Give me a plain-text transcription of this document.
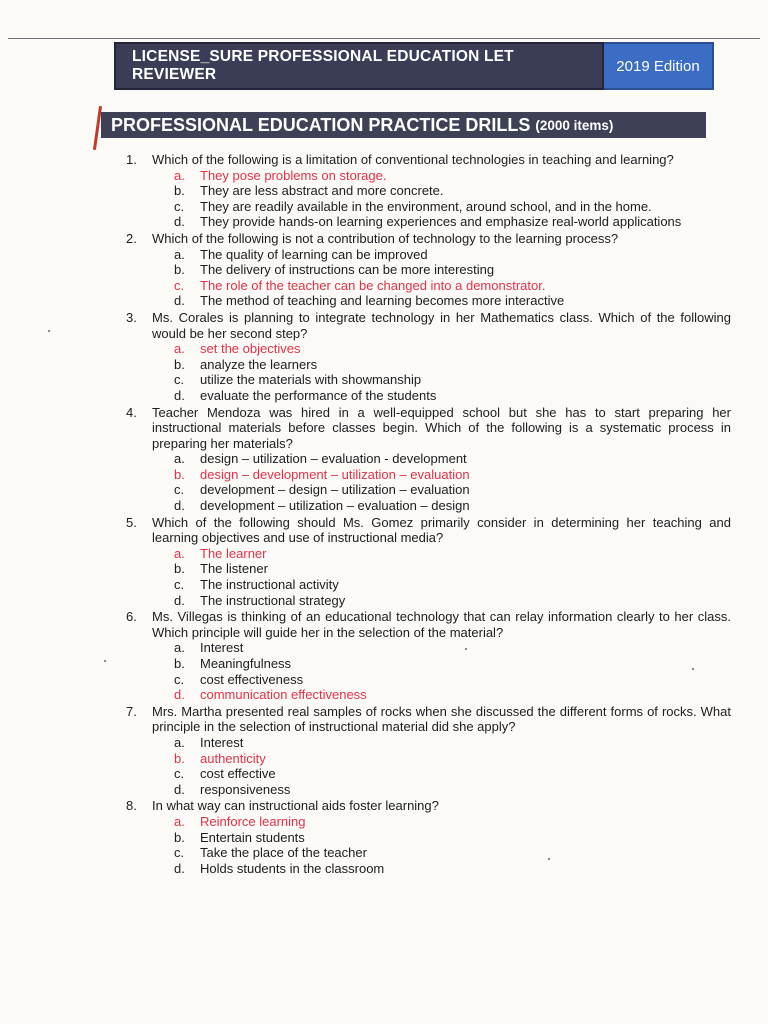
LICENSE_SURE PROFESSIONAL EDUCATION LET REVIEWER	2019 Edition
PROFESSIONAL EDUCATION PRACTICE DRILLS (2000 items)
1.	Which of the following is a limitation of conventional technologies in teaching and learning?
a.	They pose problems on storage.
b.	They are less abstract and more concrete.
c.	They are readily available in the environment, around school, and in the home.
d.	They provide hands-on learning experiences and emphasize real-world applications
2.	Which of the following is not a contribution of technology to the learning process?
a.	The quality of learning can be improved
b.	The delivery of instructions can be more interesting
c.	The role of the teacher can be changed into a demonstrator.
d.	The method of teaching and learning becomes more interactive
3.	Ms. Corales is planning to integrate technology in her Mathematics class. Which of the following would be her second step?
a.	set the objectives
b.	analyze the learners
c.	utilize the materials with showmanship
d.	evaluate the performance of the students
4.	Teacher Mendoza was hired in a well-equipped school but she has to start preparing her instructional materials before classes begin. Which of the following is a systematic process in preparing her materials?
a.	design – utilization – evaluation - development
b.	design – development – utilization – evaluation
c.	development – design – utilization – evaluation
d.	development – utilization – evaluation – design
5.	Which of the following should Ms. Gomez primarily consider in determining her teaching and learning objectives and use of instructional media?
a.	The learner
b.	The listener
c.	The instructional activity
d.	The instructional strategy
6.	Ms. Villegas is thinking of an educational technology that can relay information clearly to her class. Which principle will guide her in the selection of the material?
a.	Interest
b.	Meaningfulness
c.	cost effectiveness
d.	communication effectiveness
7.	Mrs. Martha presented real samples of rocks when she discussed the different forms of rocks. What principle in the selection of instructional material did she apply?
a.	Interest
b.	authenticity
c.	cost effective
d.	responsiveness
8.	In what way can instructional aids foster learning?
a.	Reinforce learning
b.	Entertain students
c.	Take the place of the teacher
d.	Holds students in the classroom
